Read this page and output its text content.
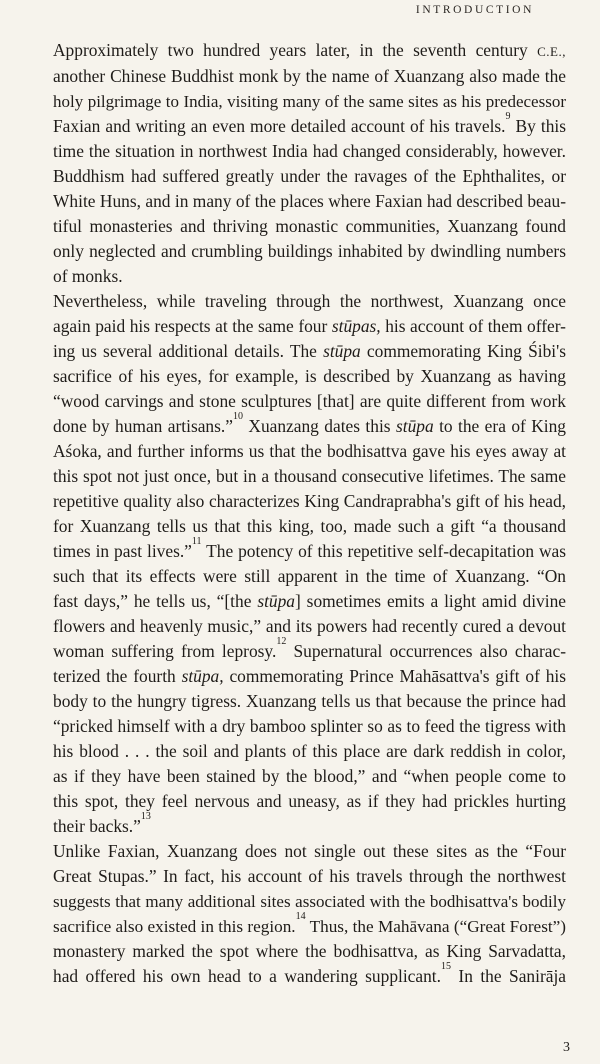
INTRODUCTION

Approximately two hundred years later, in the seventh century C.E.,
another Chinese Buddhist monk by the name of Xuanzang also made the
holy pilgrimage to India, visiting many of the same sites as his predecessor
Faxian and writing an even more detailed account of his travels.$^9$ By this
time the situation in northwest India had changed considerably, however.
Buddhism had suffered greatly under the ravages of the Ephthalites, or
White Huns, and in many of the places where Faxian had described beau-
tiful monasteries and thriving monastic communities, Xuanzang found
only neglected and crumbling buildings inhabited by dwindling numbers
of monks.

Nevertheless, while traveling through the northwest, Xuanzang once
again paid his respects at the same four stūpas, his account of them offer-
ing us several additional details. The stūpa commemorating King Śibi's
sacrifice of his eyes, for example, is described by Xuanzang as having
“wood carvings and stone sculptures [that] are quite different from work
done by human artisans.”$^{10}$ Xuanzang dates this stūpa to the era of King
Aśoka, and further informs us that the bodhisattva gave his eyes away at
this spot not just once, but in a thousand consecutive lifetimes. The same
repetitive quality also characterizes King Candraprabha's gift of his head,
for Xuanzang tells us that this king, too, made such a gift “a thousand
times in past lives.”$^{11}$ The potency of this repetitive self-decapitation was
such that its effects were still apparent in the time of Xuanzang. “On
fast days,” he tells us, “[the stūpa] sometimes emits a light amid divine
flowers and heavenly music,” and its powers had recently cured a devout
woman suffering from leprosy.$^{12}$ Supernatural occurrences also charac-
terized the fourth stūpa, commemorating Prince Mahāsattva's gift of his
body to the hungry tigress. Xuanzang tells us that because the prince had
“pricked himself with a dry bamboo splinter so as to feed the tigress with
his blood . . . the soil and plants of this place are dark reddish in color,
as if they have been stained by the blood,” and “when people come to
this spot, they feel nervous and uneasy, as if they had prickles hurting
their backs.”$^{13}$

Unlike Faxian, Xuanzang does not single out these sites as the “Four
Great Stupas.” In fact, his account of his travels through the northwest
suggests that many additional sites associated with the bodhisattva's bodily
sacrifice also existed in this region.$^{14}$ Thus, the Mahāvana (“Great Forest”)
monastery marked the spot where the bodhisattva, as King Sarvadatta,
had offered his own head to a wandering supplicant.$^{15}$ In the Sanirāja

3
